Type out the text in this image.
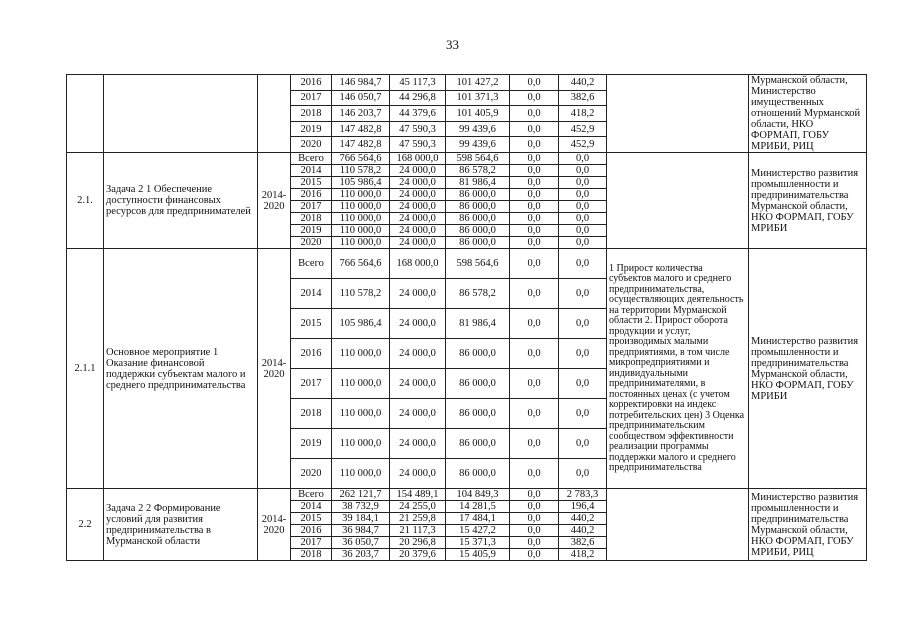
33
			2016	146 984,7	45 117,3	101 427,2	0,0	440,2		Мурманской области, Министерство имущественных отношений Мурманской области, НКО ФОРМАП, ГОБУ МРИБИ, РИЦ
			2017	146 050,7	44 296,8	101 371,3	0,0	382,6		
			2018	146 203,7	44 379,6	101 405,9	0,0	418,2		
			2019	147 482,8	47 590,3	99 439,6	0,0	452,9		
			2020	147 482,8	47 590,3	99 439,6	0,0	452,9		
2.1.	Задача 2 1 Обеспечение доступности финансовых ресурсов для предпринимателей	2014-2020	Всего	766 564,6	168 000,0	598 564,6	0,0	0,0		Министерство развития промышленности и предпринимательства Мурманской области, НКО ФОРМАП, ГОБУ МРИБИ
			2014	110 578,2	24 000,0	86 578,2	0,0	0,0		
			2015	105 986,4	24 000,0	81 986,4	0,0	0,0		
			2016	110 000,0	24 000,0	86 000,0	0,0	0,0		
			2017	110 000,0	24 000,0	86 000,0	0,0	0,0		
			2018	110 000,0	24 000,0	86 000,0	0,0	0,0		
			2019	110 000,0	24 000,0	86 000,0	0,0	0,0		
			2020	110 000,0	24 000,0	86 000,0	0,0	0,0		
2.1.1	Основное мероприятие 1 Оказание финансовой поддержки субъектам малого и среднего предпринимательства	2014-2020	Всего	766 564,6	168 000,0	598 564,6	0,0	0,0	1 Прирост количества субъектов малого и среднего предпринимательства, осуществляющих деятельность на территории Мурманской области 2. Прирост оборота продукции и услуг, производимых малыми предприятиями, в том числе микропредприятиями и индивидуальными предпринимателями, в постоянных ценах (с учетом корректировки на индекс потребительских цен) 3 Оценка предпринимательским сообществом эффективности реализации программы поддержки малого и среднего предпринимательства	Министерство развития промышленности и предпринимательства Мурманской области, НКО ФОРМАП, ГОБУ МРИБИ
			2014	110 578,2	24 000,0	86 578,2	0,0	0,0		
			2015	105 986,4	24 000,0	81 986,4	0,0	0,0		
			2016	110 000,0	24 000,0	86 000,0	0,0	0,0		
			2017	110 000,0	24 000,0	86 000,0	0,0	0,0		
			2018	110 000,0	24 000,0	86 000,0	0,0	0,0		
			2019	110 000,0	24 000,0	86 000,0	0,0	0,0		
			2020	110 000,0	24 000,0	86 000,0	0,0	0,0		
2.2	Задача 2 2 Формирование условий для развития предпринимательства в Мурманской области	2014-2020	Всего	262 121,7	154 489,1	104 849,3	0,0	2 783,3		Министерство развития промышленности и предпринимательства Мурманской области, НКО ФОРМАП, ГОБУ МРИБИ, РИЦ
			2014	38 732,9	24 255,0	14 281,5	0,0	196,4		
			2015	39 184,1	21 259,8	17 484,1	0,0	440,2		
			2016	36 984,7	21 117,3	15 427,2	0,0	440,2		
			2017	36 050,7	20 296,8	15 371,3	0,0	382,6		
			2018	36 203,7	20 379,6	15 405,9	0,0	418,2		
